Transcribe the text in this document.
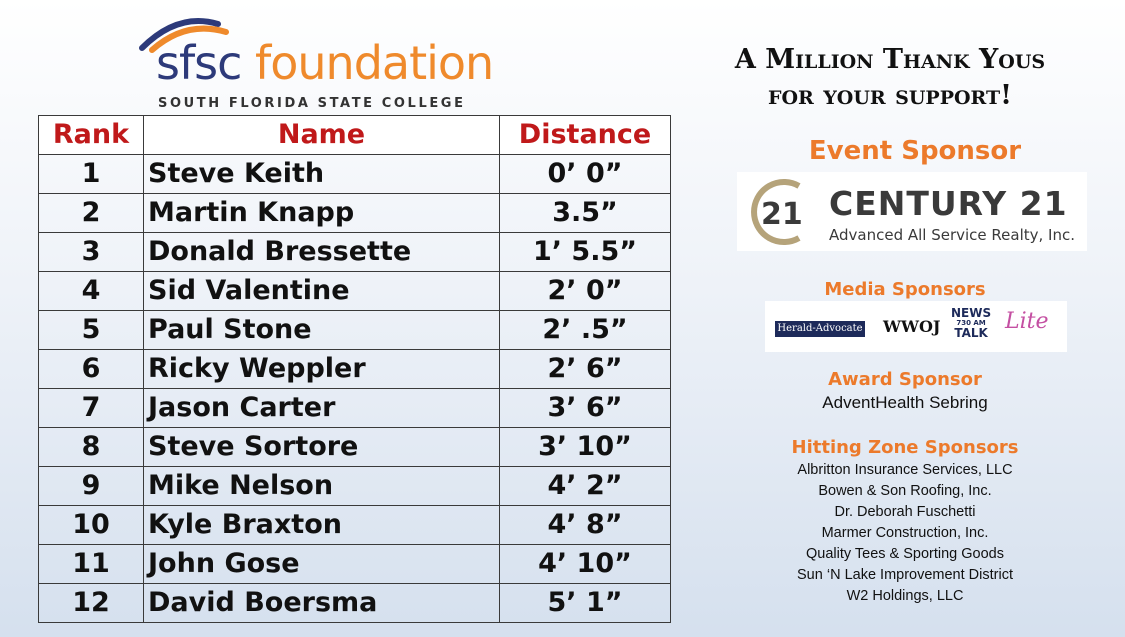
sfsc foundation
SOUTH FLORIDA STATE COLLEGE
Rank	Name	Distance
1	Steve Keith	0’ 0”
2	Martin Knapp	3.5”
3	Donald Bressette	1’ 5.5”
4	Sid Valentine	2’ 0”
5	Paul Stone	2’ .5”
6	Ricky Weppler	2’ 6”
7	Jason Carter	3’ 6”
8	Steve Sortore	3’ 10”
9	Mike Nelson	4’ 2”
10	Kyle Braxton	4’ 8”
11	John Gose	4’ 10”
12	David Boersma	5’ 1”
A Million Thank Yous
for your support!
Event Sponsor
21 CENTURY 21
Advanced All Service Realty, Inc.
Media Sponsors
Herald-Advocate WWOJ
NEWS
730 AM
TALK Lite
Award Sponsor
AdventHealth Sebring
Hitting Zone Sponsors
Albritton Insurance Services, LLC
Bowen & Son Roofing, Inc.
Dr. Deborah Fuschetti
Marmer Construction, Inc.
Quality Tees & Sporting Goods
Sun ‘N Lake Improvement District
W2 Holdings, LLC
